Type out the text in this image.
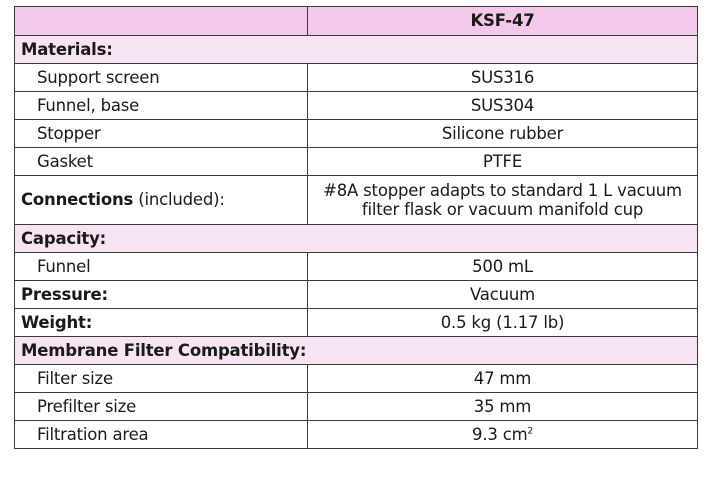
	KSF-47
Materials:	
Support screen	SUS316
Funnel, base	SUS304
Stopper	Silicone rubber
Gasket	PTFE
Connections (included):	#8A stopper adapts to standard 1 L vacuum
filter flask or vacuum manifold cup

Capacity:	
Funnel	500 mL
Pressure:	Vacuum
Weight:	0.5 kg (1.17 lb)
Membrane Filter Compatibility:	
Filter size	47 mm
Prefilter size	35 mm
Filtration area	9.3 $cm^2$
